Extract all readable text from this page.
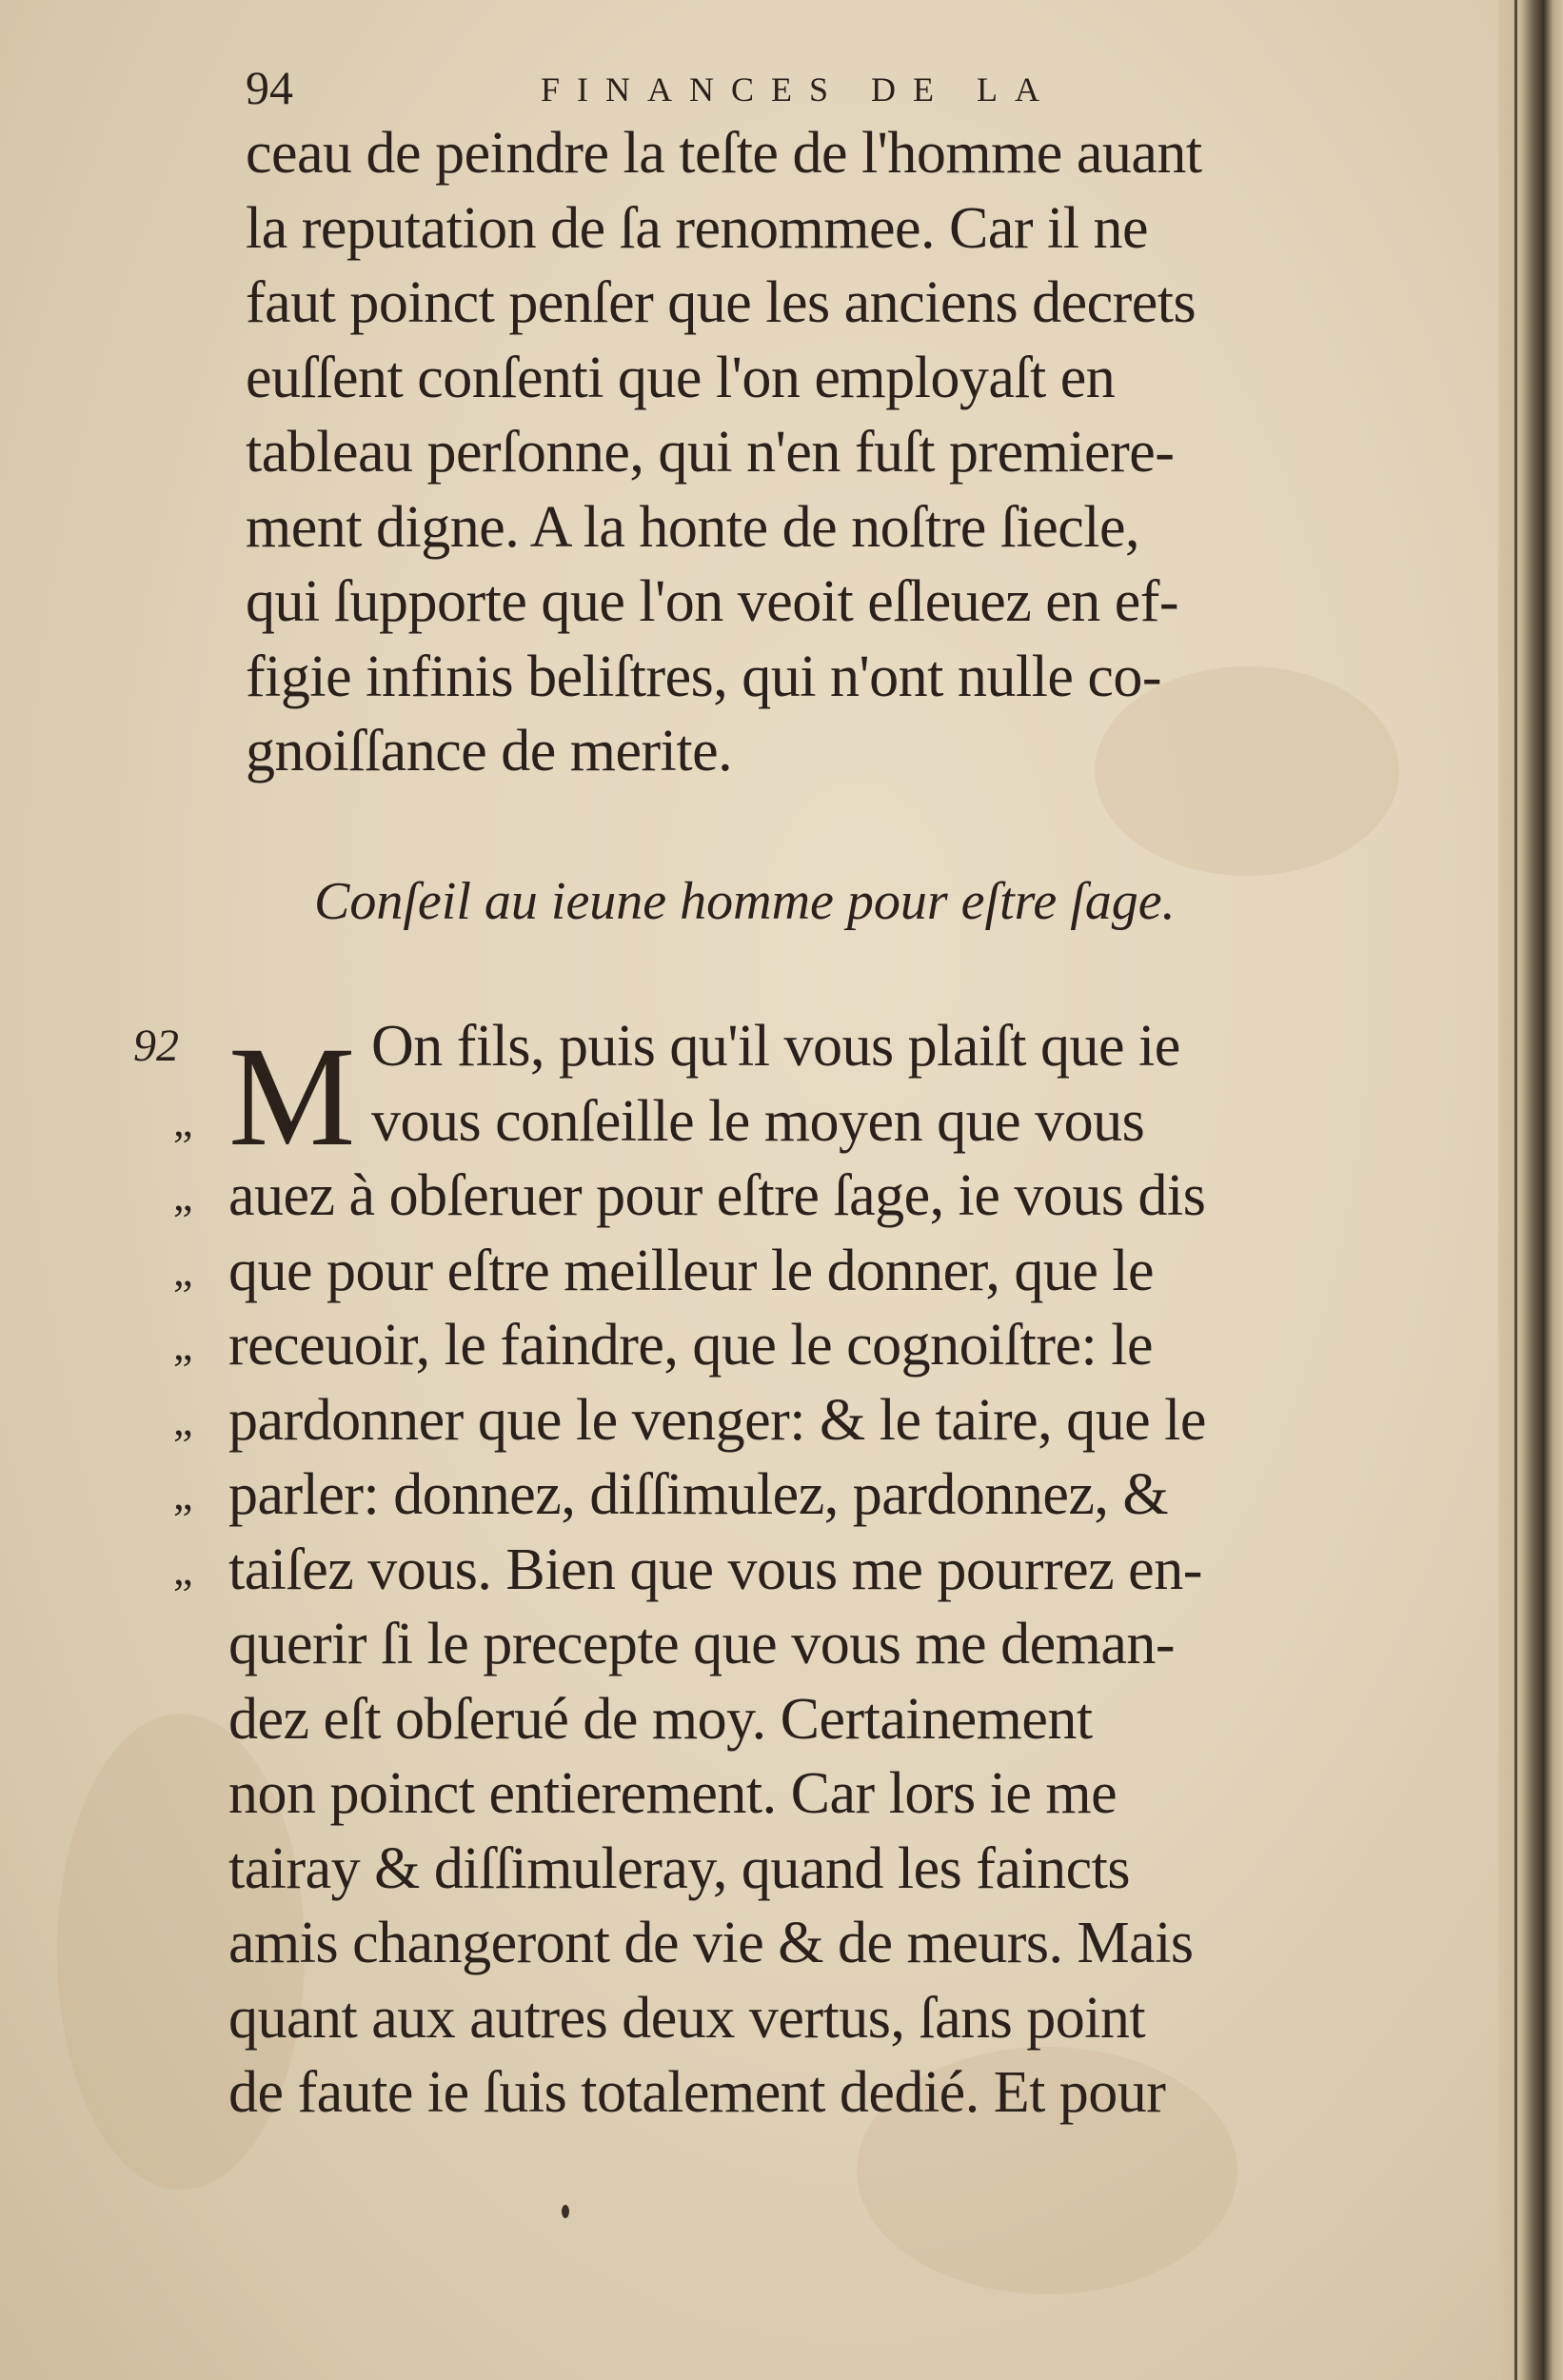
94	FINANCES DE LA
ceau de peindre la teſte de l'homme auant
la reputation de ſa renommee. Car il ne
faut poinct penſer que les anciens decrets
euſſent conſenti que l'on employaſt en
tableau perſonne, qui n'en fuſt premiere-
ment digne. A la honte de noſtre ſiecle,
qui ſupporte que l'on veoit eſleuez en ef-
figie infinis beliſtres, qui n'ont nulle co-
gnoiſſance de merite.
Conſeil au ieune homme pour eſtre ſage.
92
„
„
„
„
„
„
„
M On fils, puis qu'il vous plaiſt que ie
vous conſeille le moyen que vous
auez à obſeruer pour eſtre ſage, ie vous dis
que pour eſtre meilleur le donner, que le
receuoir, le faindre, que le cognoiſtre: le
pardonner que le venger: & le taire, que le
parler: donnez, diſſimulez, pardonnez, &
taiſez vous. Bien que vous me pourrez en-
querir ſi le precepte que vous me deman-
dez eſt obſerué de moy. Certainement
non poinct entierement. Car lors ie me
tairay & diſſimuleray, quand les faincts
amis changeront de vie & de meurs. Mais
quant aux autres deux vertus, ſans point
de faute ie ſuis totalement dedié. Et pour
